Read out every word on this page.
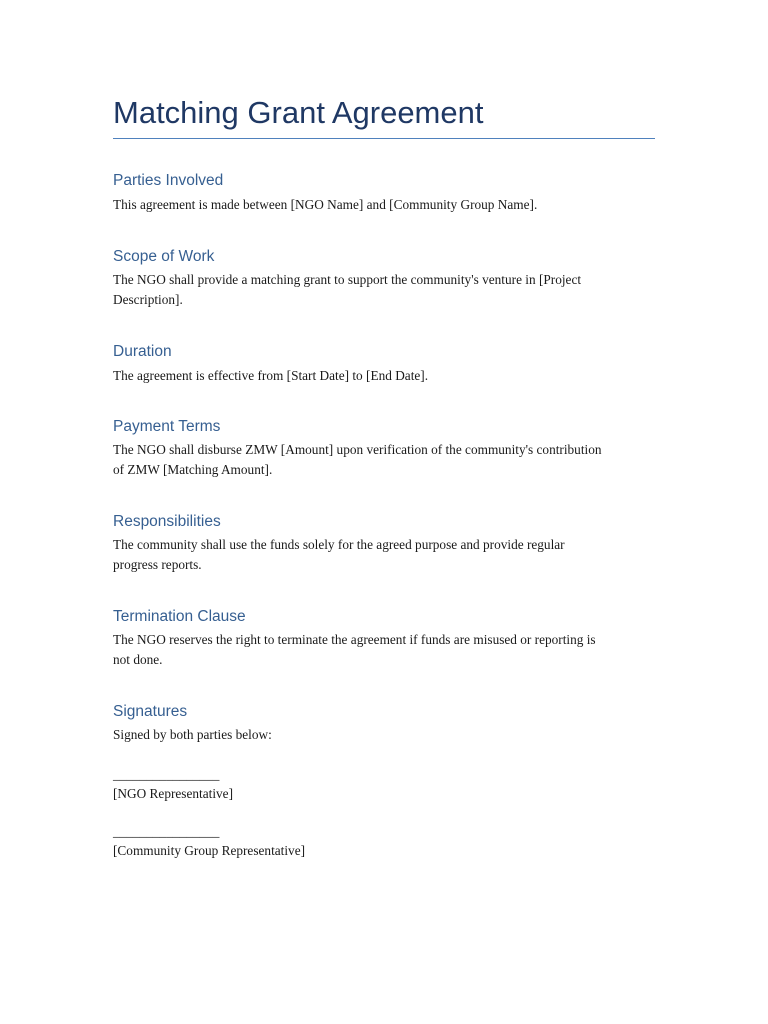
Matching Grant Agreement
Parties Involved

This agreement is made between [NGO Name] and [Community Group Name].

Scope of Work

The NGO shall provide a matching grant to support the community's venture in [Project

Description].

Duration

The agreement is effective from [Start Date] to [End Date].

Payment Terms

The NGO shall disburse ZMW [Amount] upon verification of the community's contribution

of ZMW [Matching Amount].

Responsibilities

The community shall use the funds solely for the agreed purpose and provide regular

progress reports.

Termination Clause

The NGO reserves the right to terminate the agreement if funds are misused or reporting is

not done.

Signatures

Signed by both parties below:

________________
[NGO Representative]
________________
[Community Group Representative]
